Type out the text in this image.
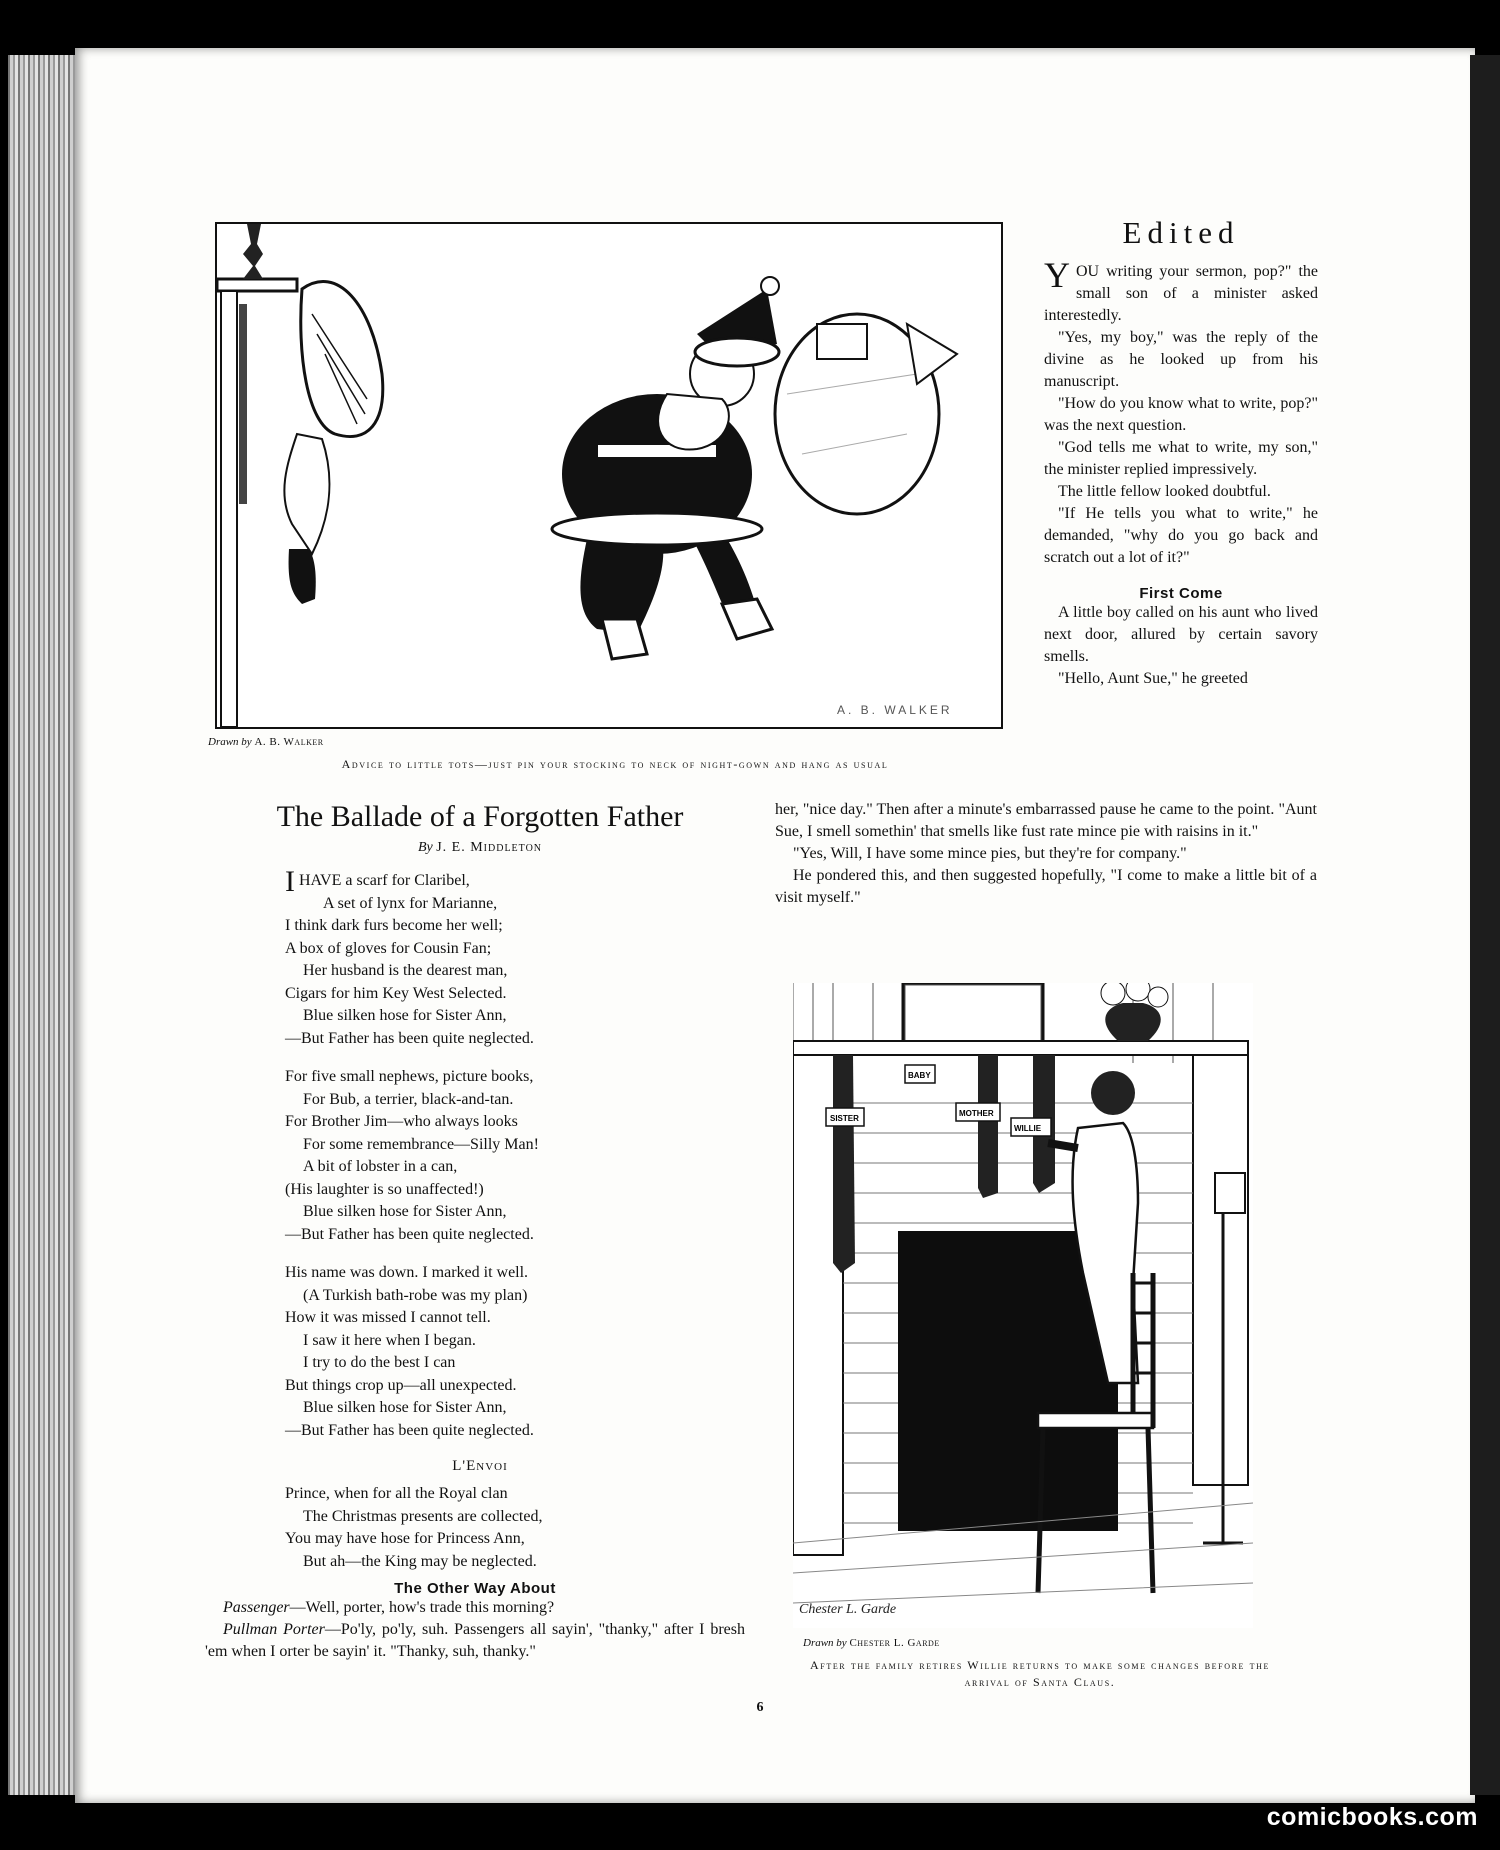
A. B. WALKER
Drawn by A. B. Walker
Advice to little tots—just pin your stocking to neck of night-gown and hang as usual
Edited

YOU writing your sermon, pop?" the small son of a minister asked interestedly.

"Yes, my boy," was the reply of the divine as he looked up from his manuscript.

"How do you know what to write, pop?" was the next question.

"God tells me what to write, my son," the minister replied impressively.

The little fellow looked doubtful.

"If He tells you what to write," he demanded, "why do you go back and scratch out a lot of it?"

First Come

A little boy called on his aunt who lived next door, allured by certain savory smells.

"Hello, Aunt Sue," he greeted

her, "nice day." Then after a minute's embarrassed pause he came to the point. "Aunt Sue, I smell somethin' that smells like fust rate mince pie with raisins in it."

"Yes, Will, I have some mince pies, but they're for company."

He pondered this, and then suggested hopefully, "I come to make a little bit of a visit myself."

The Ballade of a Forgotten Father
By J. E. Middleton
IHAVE a scarf for Claribel,
A set of lynx for Marianne,
I think dark furs become her well;
A box of gloves for Cousin Fan;
Her husband is the dearest man,
Cigars for him Key West Selected.
Blue silken hose for Sister Ann,
—But Father has been quite neglected.
For five small nephews, picture books,
For Bub, a terrier, black-and-tan.
For Brother Jim—who always looks
For some remembrance—Silly Man!
A bit of lobster in a can,
(His laughter is so unaffected!)
Blue silken hose for Sister Ann,
—But Father has been quite neglected.
His name was down. I marked it well.
(A Turkish bath-robe was my plan)
How it was missed I cannot tell.
I saw it here when I began.
I try to do the best I can
But things crop up—all unexpected.
Blue silken hose for Sister Ann,
—But Father has been quite neglected.
L'Envoi
Prince, when for all the Royal clan
The Christmas presents are collected,
You may have hose for Princess Ann,
But ah—the King may be neglected.
The Other Way About

Passenger—Well, porter, how's trade this morning?

Pullman Porter—Po'ly, po'ly, suh. Passengers all sayin', "thanky," after I bresh 'em when I orter be sayin' it. "Thanky, suh, thanky."

SISTER
BABY
MOTHER
WILLIE
Chester L. Garde
Drawn by Chester L. Garde
After the family retires Willie returns to make some changes before the arrival of Santa Claus.
6
comicbooks.com
